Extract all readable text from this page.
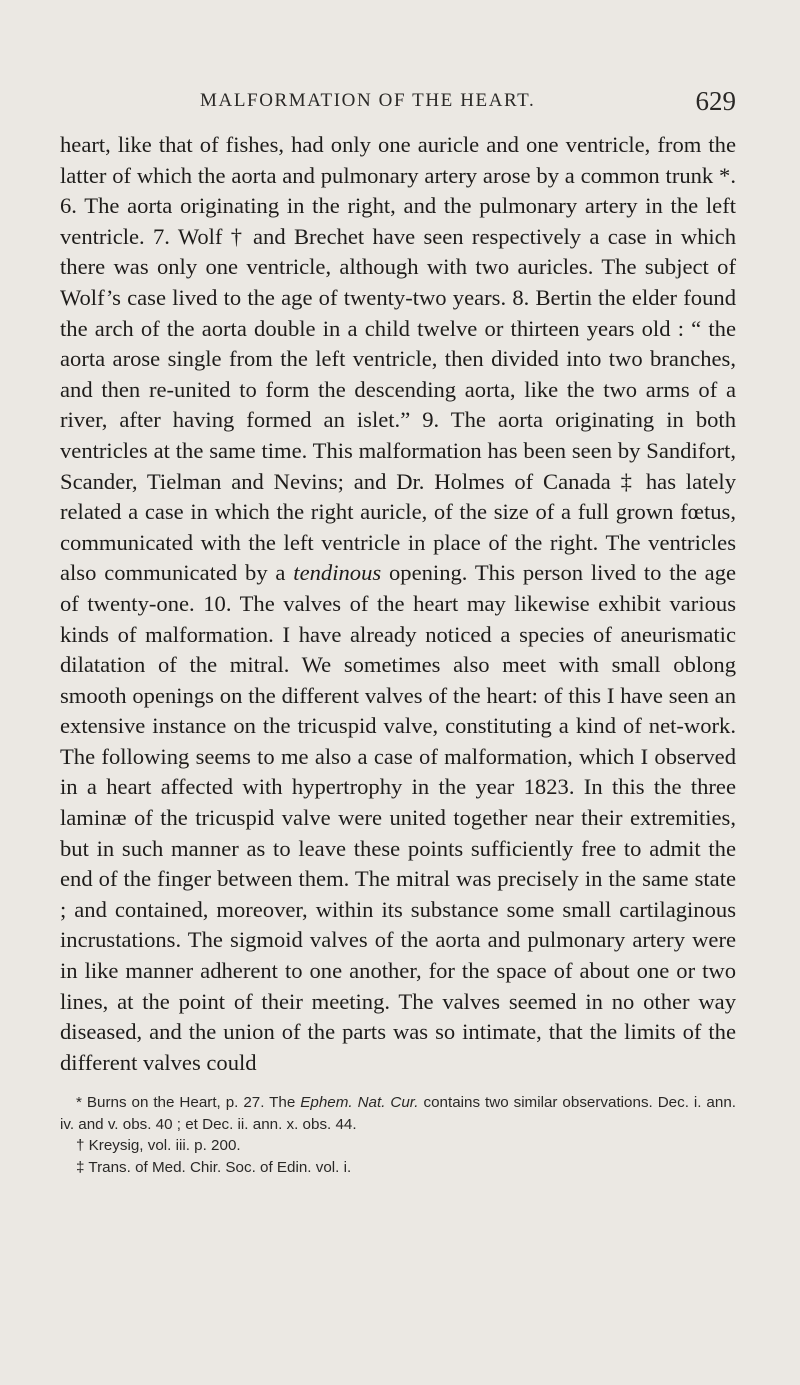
MALFORMATION OF THE HEART.	629

heart, like that of fishes, had only one auricle and one ventricle, from the latter of which the aorta and pulmonary artery arose by a common trunk *. 6. The aorta originating in the right, and the pulmonary artery in the left ventricle. 7. Wolf † and Brechet have seen respectively a case in which there was only one ventricle, although with two auricles. The subject of Wolf’s case lived to the age of twenty-two years. 8. Bertin the elder found the arch of the aorta double in a child twelve or thirteen years old : “ the aorta arose single from the left ventricle, then divided into two branches, and then re-united to form the descending aorta, like the two arms of a river, after having formed an islet.” 9. The aorta originating in both ventricles at the same time. This malformation has been seen by Sandifort, Scander, Tielman and Nevins; and Dr. Holmes of Canada ‡ has lately related a case in which the right auricle, of the size of a full grown fœtus, communicated with the left ventricle in place of the right. The ventricles also communicated by a tendinous opening. This person lived to the age of twenty-one. 10. The valves of the heart may likewise exhibit various kinds of malformation. I have already noticed a species of aneurismatic dilatation of the mitral. We sometimes also meet with small oblong smooth openings on the different valves of the heart: of this I have seen an extensive instance on the tricuspid valve, constituting a kind of net-work. The following seems to me also a case of malformation, which I observed in a heart affected with hypertrophy in the year 1823. In this the three laminæ of the tricuspid valve were united together near their extremities, but in such manner as to leave these points sufficiently free to admit the end of the finger between them. The mitral was precisely in the same state ; and contained, moreover, within its substance some small cartilaginous incrustations. The sigmoid valves of the aorta and pulmonary artery were in like manner adherent to one another, for the space of about one or two lines, at the point of their meeting. The valves seemed in no other way diseased, and the union of the parts was so intimate, that the limits of the different valves could

* Burns on the Heart, p. 27. The Ephem. Nat. Cur. contains two similar observations. Dec. i. ann. iv. and v. obs. 40 ; et Dec. ii. ann. x. obs. 44.

† Kreysig, vol. iii. p. 200.

‡ Trans. of Med. Chir. Soc. of Edin. vol. i.
